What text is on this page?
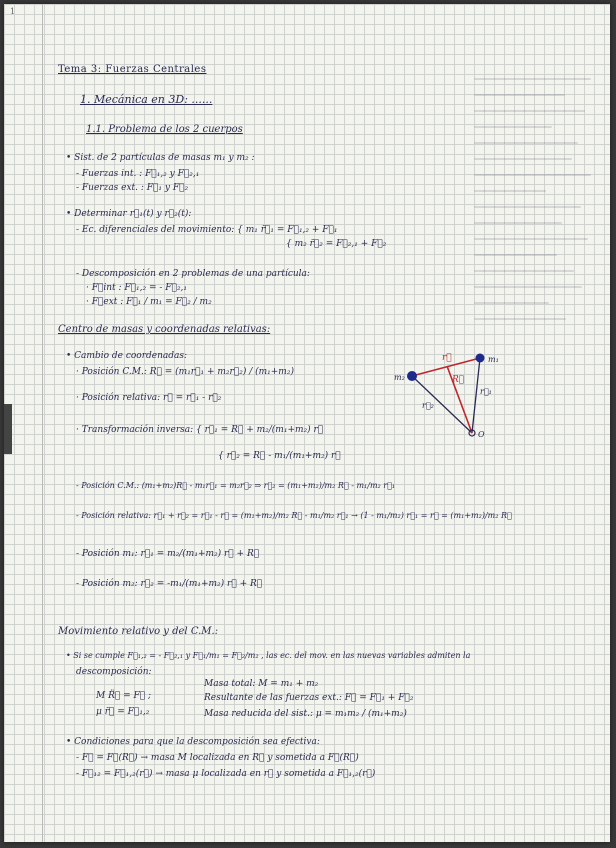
1
Tema 3: Fuerzas Centrales
1. Mecánica en 3D: ......
1.1. Problema de los 2 cuerpos
• Sist. de 2 partículas de masas m₁ y m₂ :
- Fuerzas int. : F⃗₁,₂ y F⃗₂,₁
- Fuerzas ext. : F⃗₁ y F⃗₂
• Determinar r⃗₁(t) y r⃗₂(t):
- Ec. diferenciales del movimiento: { m₁ r̈⃗₁ = F⃗₁,₂ + F⃗₁
{ m₂ r̈⃗₂ = F⃗₂,₁ + F⃗₂
- Descomposición en 2 problemas de una partícula:
· F⃗int : F⃗₁,₂ = - F⃗₂,₁
· F⃗ext : F⃗₁ / m₁ = F⃗₂ / m₂
Centro de masas y coordenadas relativas:
• Cambio de coordenadas:
· Posición C.M.: R⃗ = (m₁r⃗₁ + m₂r⃗₂) / (m₁+m₂)
· Posición relativa: r⃗ = r⃗₁ - r⃗₂
· Transformación inversa: { r⃗₁ = R⃗ + m₂/(m₁+m₂) r⃗
{ r⃗₂ = R⃗ - m₁/(m₁+m₂) r⃗
- Posición C.M.: (m₁+m₂)R⃗ - m₁r⃗₁ = m₂r⃗₂ ⇒ r⃗₂ = (m₁+m₂)/m₂ R⃗ - m₁/m₂ r⃗₁
- Posición relativa: r⃗₁ + r⃗₂ = r⃗₁ - r⃗ = (m₁+m₂)/m₂ R⃗ - m₁/m₂ r⃗₁ → (1 - m₁/m₂) r⃗₁ = r⃗ = (m₁+m₂)/m₂ R⃗
- Posición m₁: r⃗₁ = m₂/(m₁+m₂) r⃗ + R⃗
- Posición m₂: r⃗₂ = -m₁/(m₁+m₂) r⃗ + R⃗
Movimiento relativo y del C.M.:
• Si se cumple F⃗₁,₂ = - F⃗₂,₁ y F⃗₁/m₁ = F⃗₂/m₂ , las ec. del mov. en las nuevas variables admiten la
descomposición:
M R̈⃗ = F⃗ ;
μ r̈⃗ = F⃗₁,₂
Masa total: M = m₁ + m₂
Resultante de las fuerzas ext.: F⃗ = F⃗₁ + F⃗₂
Masa reducida del sist.: μ = m₁m₂ / (m₁+m₂)
• Condiciones para que la descomposición sea efectiva:
- F⃗ = F⃗(R⃗) → masa M localizada en R⃗ y sometida a F⃗(R⃗)
- F⃗₁₂ = F⃗₁,₂(r⃗) → masa μ localizada en r⃗ y sometida a F⃗₁,₂(r⃗)
r⃗
R⃗
r⃗₁
r⃗₂
m₁
m₂
O
